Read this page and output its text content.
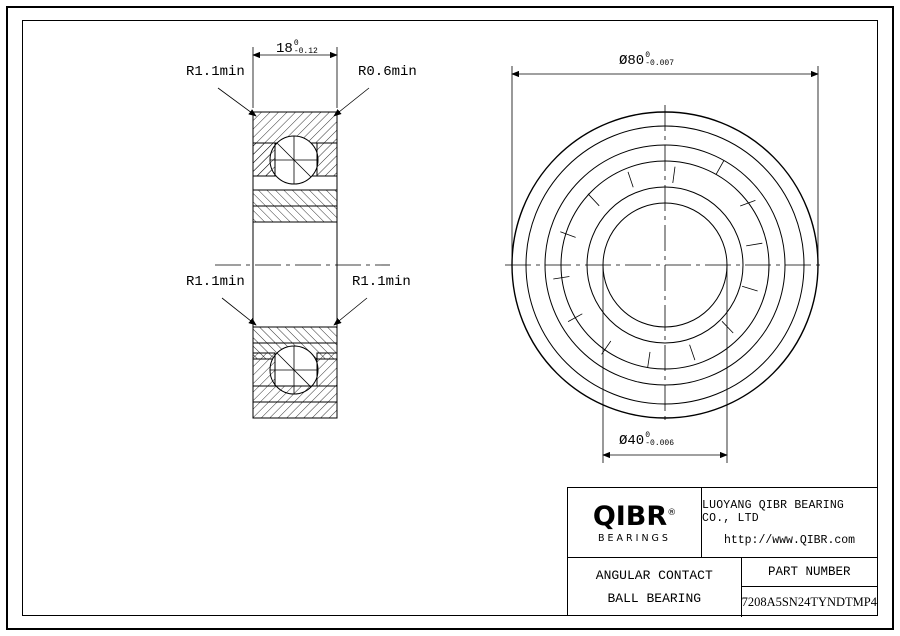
R1.1min	R0.6min
R1.1min	R1.1min
18 0
-0.12
Ø80 0
-0.007
Ø40 0
-0.006
QIBR®
BEARINGS
LUOYANG QIBR BEARING CO., LTD
http://www.QIBR.com
ANGULAR CONTACT
BALL BEARING
PART NUMBER
7208A5SN24TYNDTMP4
